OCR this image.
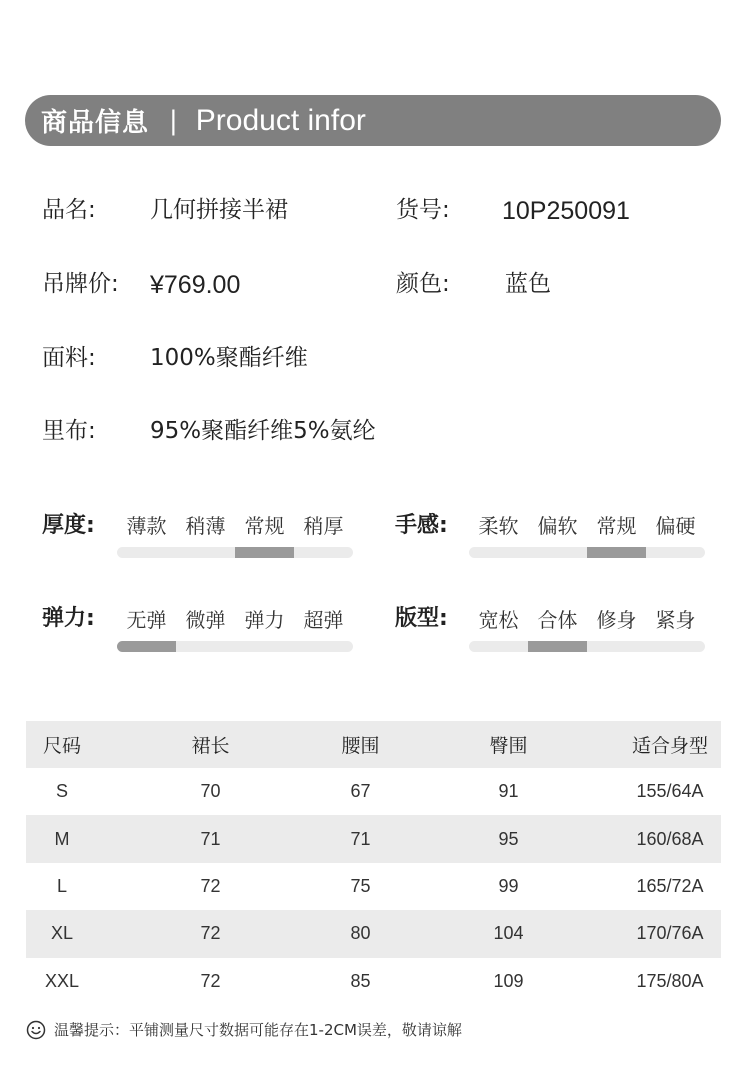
商品信息 | Product infor
品名: 几何拼接半裙	货号: 10P250091
吊牌价: ¥769.00	颜色: 蓝色
面料: 100%聚酯纤维
里布: 95%聚酯纤维5%氨纶
厚度:	薄款 稍薄 常规 稍厚	手感:	柔软 偏软 常规 偏硬
弹力:	无弹 微弹 弹力 超弹	版型:	宽松 合体 修身 紧身
尺码	裙长	腰围	臀围	适合身型
S	70	67	91	155/64A
M	71	71	95	160/68A
L	72	75	99	165/72A
XL	72	80	104	170/76A
XXL	72	85	109	175/80A
温馨提示：平铺测量尺寸数据可能存在1-2CM误差，敬请谅解
